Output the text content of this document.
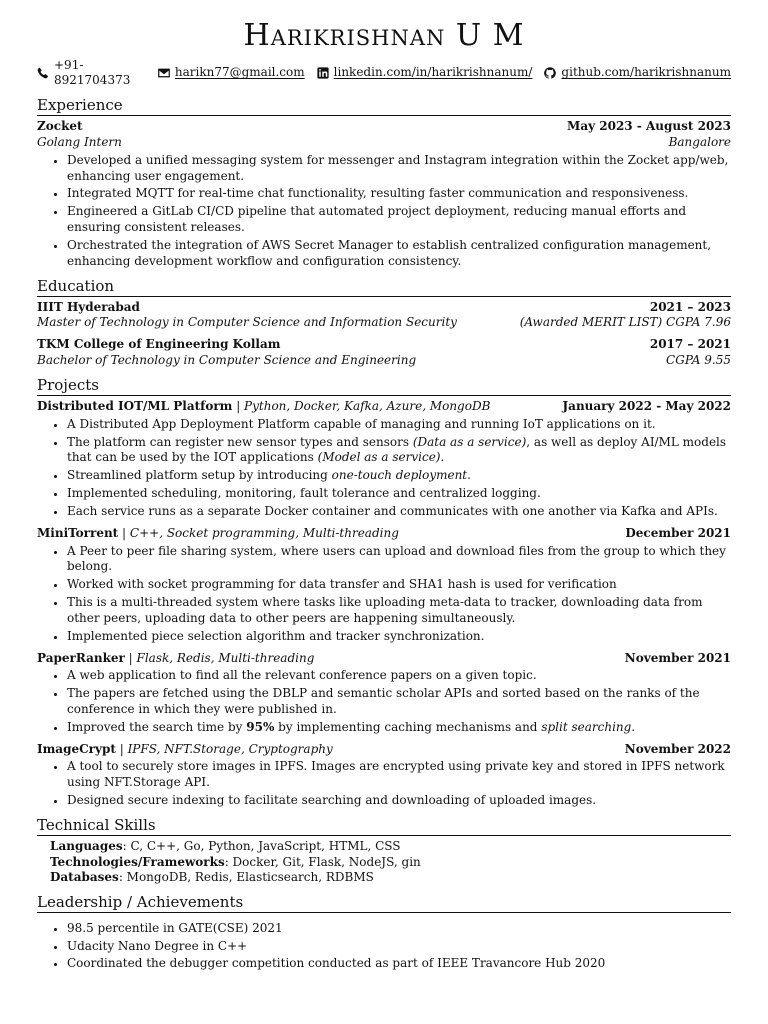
Harikrishnan U M
+91-8921704373
harikn77@gmail.com linkedin.com/in/harikrishnanum/ github.com/harikrishnanum
Experience
Zocket	May 2023 - August 2023
Golang Intern	Bangalore
• Developed a unified messaging system for messenger and Instagram integration within the Zocket app/web, enhancing user engagement.
• Integrated MQTT for real-time chat functionality, resulting faster communication and responsiveness.
• Engineered a GitLab CI/CD pipeline that automated project deployment, reducing manual efforts and ensuring consistent releases.
• Orchestrated the integration of AWS Secret Manager to establish centralized configuration management, enhancing development workflow and configuration consistency.
Education
IIIT Hyderabad	2021 – 2023
Master of Technology in Computer Science and Information Security	(Awarded MERIT LIST) CGPA 7.96
TKM College of Engineering Kollam	2017 – 2021
Bachelor of Technology in Computer Science and Engineering	CGPA 9.55
Projects
Distributed IOT/ML Platform | Python, Docker, Kafka, Azure, MongoDB	January 2022 - May 2022
• A Distributed App Deployment Platform capable of managing and running IoT applications on it.
• The platform can register new sensor types and sensors (Data as a service), as well as deploy AI/ML models that can be used by the IOT applications (Model as a service).
• Streamlined platform setup by introducing one-touch deployment.
• Implemented scheduling, monitoring, fault tolerance and centralized logging.
• Each service runs as a separate Docker container and communicates with one another via Kafka and APIs.
MiniTorrent | C++, Socket programming, Multi-threading	December 2021
• A Peer to peer file sharing system, where users can upload and download files from the group to which they belong.
• Worked with socket programming for data transfer and SHA1 hash is used for verification
• This is a multi-threaded system where tasks like uploading meta-data to tracker, downloading data from other peers, uploading data to other peers are happening simultaneously.
• Implemented piece selection algorithm and tracker synchronization.
PaperRanker | Flask, Redis, Multi-threading	November 2021
• A web application to find all the relevant conference papers on a given topic.
• The papers are fetched using the DBLP and semantic scholar APIs and sorted based on the ranks of the conference in which they were published in.
• Improved the search time by 95% by implementing caching mechanisms and split searching.
ImageCrypt | IPFS, NFT.Storage, Cryptography	November 2022
• A tool to securely store images in IPFS. Images are encrypted using private key and stored in IPFS network using NFT.Storage API.
• Designed secure indexing to facilitate searching and downloading of uploaded images.
Technical Skills
Languages: C, C++, Go, Python, JavaScript, HTML, CSS
Technologies/Frameworks: Docker, Git, Flask, NodeJS, gin
Databases: MongoDB, Redis, Elasticsearch, RDBMS
Leadership / Achievements
• 98.5 percentile in GATE(CSE) 2021
• Udacity Nano Degree in C++
• Coordinated the debugger competition conducted as part of IEEE Travancore Hub 2020
